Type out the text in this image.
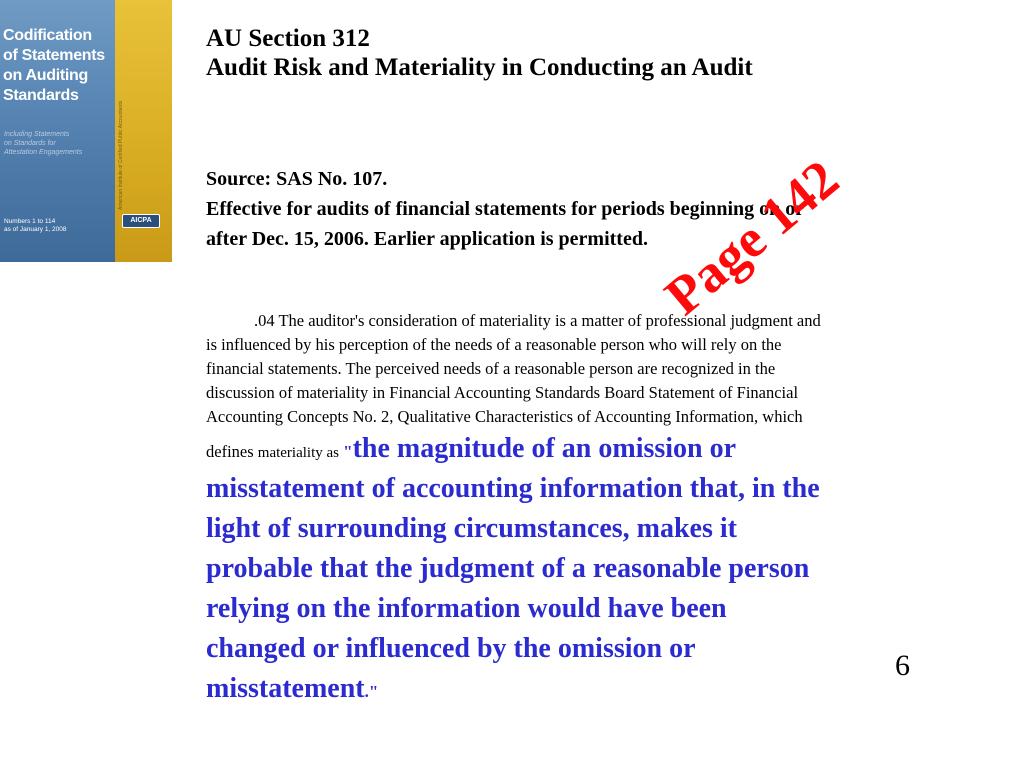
American Institute of Certified Public Accountants
Codification
of Statements
on Auditing
Standards
Including Statements
on Standards for
Attestation Engagements
Numbers 1 to 114
as of January 1, 2008
AICPA
AU Section 312
Audit Risk and Materiality in Conducting an Audit
Source: SAS No. 107.
Effective for audits of financial statements for periods beginning on or after Dec. 15, 2006. Earlier application is permitted.
.04 The auditor's consideration of materiality is a matter of professional judgment and is influenced by his perception of the needs of a reasonable person who will rely on the financial statements. The perceived needs of a reasonable person are recognized in the discussion of materiality in Financial Accounting Standards Board Statement of Financial Accounting Concepts No. 2, Qualitative Characteristics of Accounting Information, which defines materiality as "the magnitude of an omission or misstatement of accounting information that, in the light of surrounding circumstances, makes it probable that the judgment of a reasonable person relying on the information would have been changed or influenced by the omission or misstatement."
Page 142
6
